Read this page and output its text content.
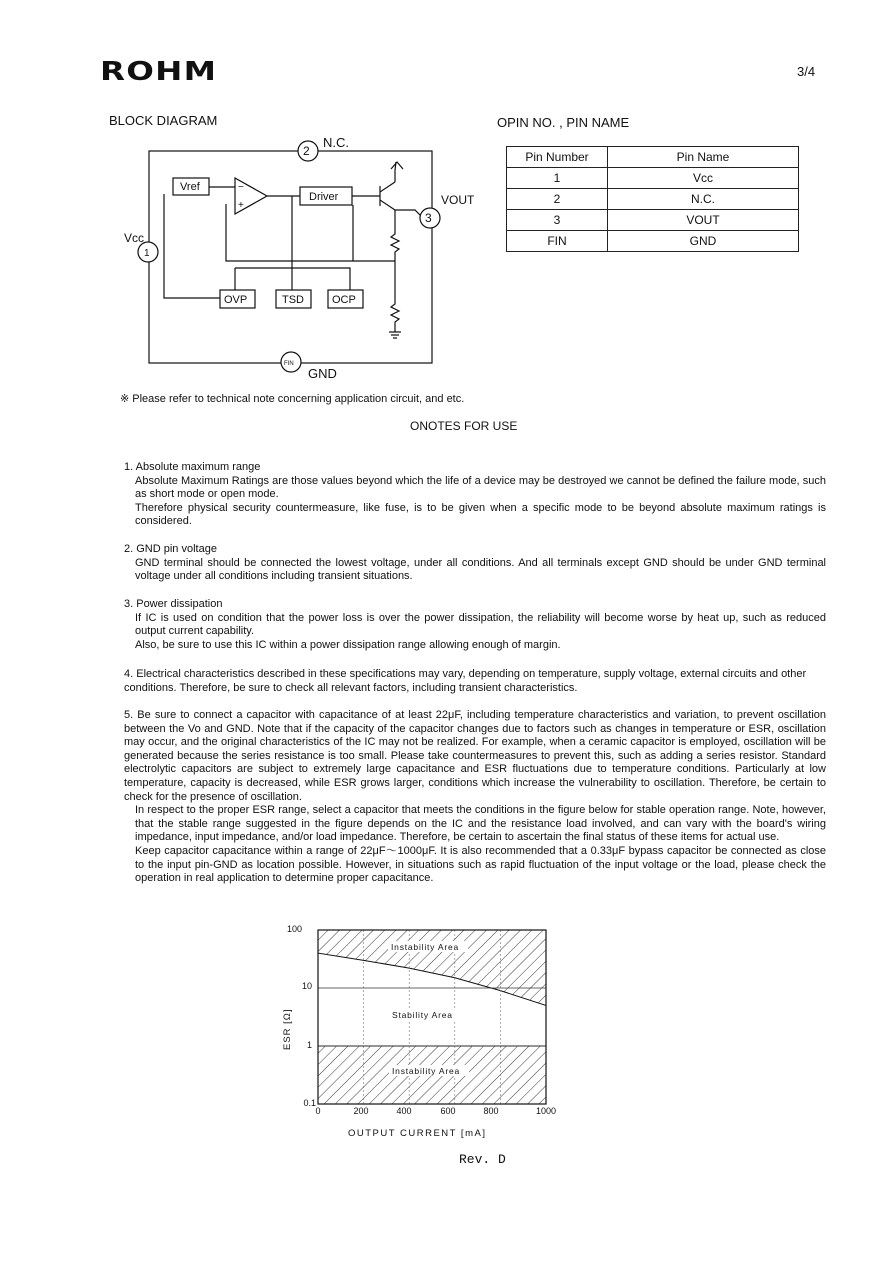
ROHM	3/4
BLOCK DIAGRAM	OPIN NO. , PIN NAME
2
3
1
FIN
N.C.
VOUT
Vcc
GND
Vref
Driver
OVP	TSD	OCP
−
+
Pin Number	Pin Name
1	Vcc
2	N.C.
3	VOUT
FIN	GND
※ Please refer to technical note concerning application circuit, and etc.
ONOTES FOR USE
1. Absolute maximum range

Absolute Maximum Ratings are those values beyond which the life of a device may be destroyed we cannot be defined the failure mode, such as short mode or open mode.

Therefore physical security countermeasure, like fuse, is to be given when a specific mode to be beyond absolute maximum ratings is considered.

2. GND pin voltage

GND terminal should be connected the lowest voltage, under all conditions. And all terminals except GND should be under GND terminal voltage under all conditions including transient situations.

3. Power dissipation

If IC is used on condition that the power loss is over the power dissipation, the reliability will become worse by heat up, such as reduced output current capability.

Also, be sure to use this IC within a power dissipation range allowing enough of margin.

4. Electrical characteristics described in these specifications may vary, depending on temperature, supply voltage, external circuits and other conditions. Therefore, be sure to check all relevant factors, including transient characteristics.
5. Be sure to connect a capacitor with capacitance of at least 22μF, including temperature characteristics and variation, to prevent oscillation between the Vo and GND. Note that if the capacity of the capacitor changes due to factors such as changes in temperature or ESR, oscillation may occur, and the original characteristics of the IC may not be realized. For example, when a ceramic capacitor is employed, oscillation will be generated because the series resistance is too small. Please take countermeasures to prevent this, such as adding a series resistor. Standard electrolytic capacitors are subject to extremely large capacitance and ESR fluctuations due to temperature conditions. Particularly at low temperature, capacity is decreased, while ESR grows larger, conditions which increase the vulnerability to oscillation. Therefore, be certain to check for the presence of oscillation.

In respect to the proper ESR range, select a capacitor that meets the conditions in the figure below for stable operation range. Note, however, that the stable range suggested in the figure depends on the IC and the resistance load involved, and can vary with the board's wiring impedance, input impedance, and/or load impedance. Therefore, be certain to ascertain the final status of these items for actual use.

Keep capacitor capacitance within a range of 22μF～1000μF. It is also recommended that a 0.33μF bypass capacitor be connected as close to the input pin-GND as location possible. However, in situations such as rapid fluctuation of the input voltage or the load, please check the operation in real application to determine proper capacitance.

100
10
1
0.1
0	200	400	600	800	1000
OUTPUT CURRENT [mA]
ESR [Ω]
Instability Area
Stability Area
Instability Area
Rev. D
